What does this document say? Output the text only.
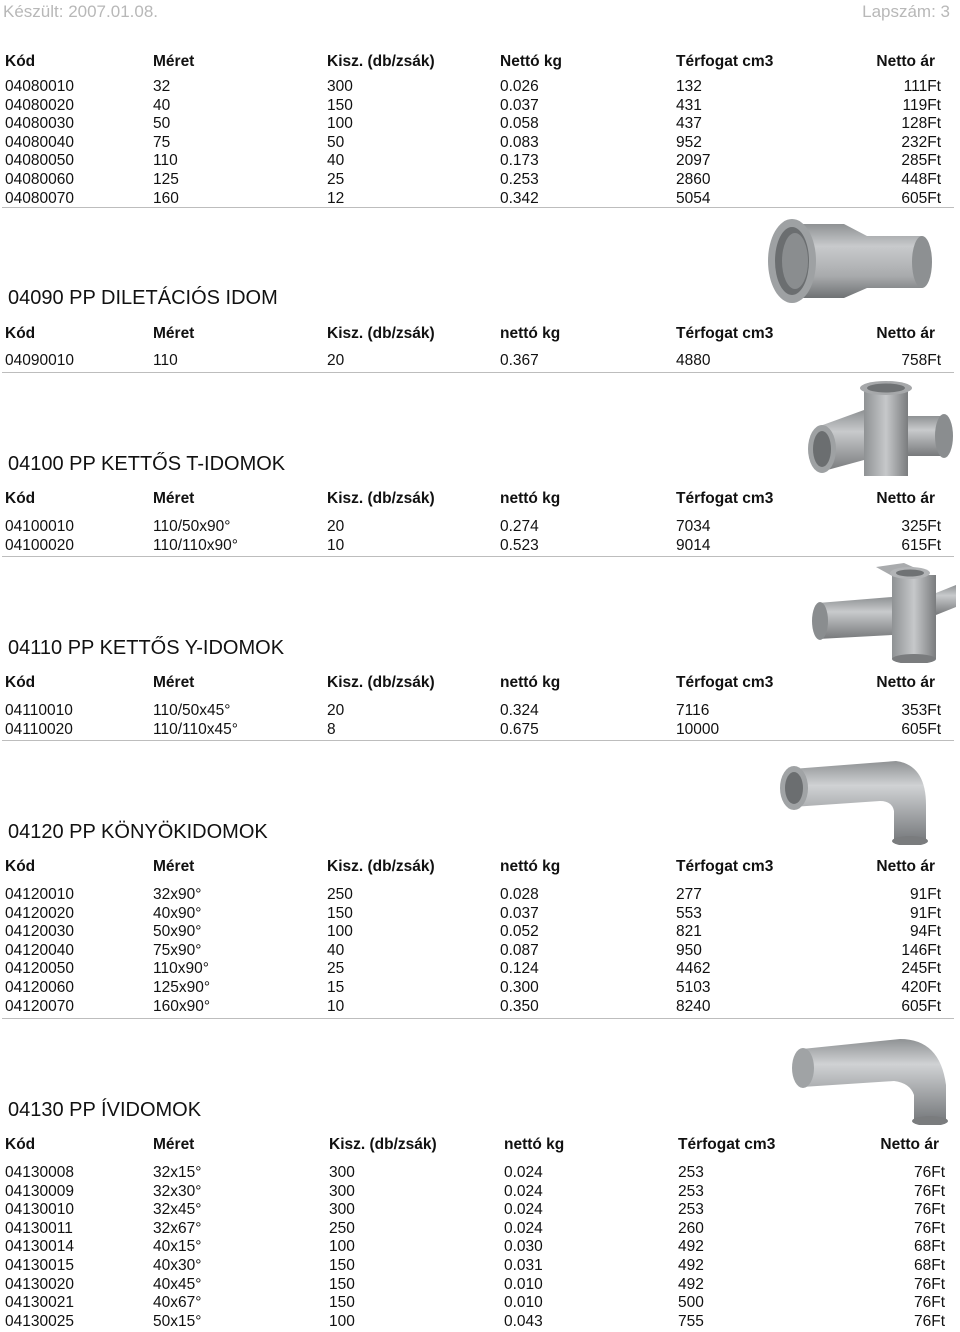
Készült: 2007.01.08.	Lapszám: 3
Kód	Méret	Kisz. (db/zsák)	Nettó kg	Térfogat cm3	Netto ár
04080010	32	300	0.026	132	111Ft
04080020	40	150	0.037	431	119Ft
04080030	50	100	0.058	437	128Ft
04080040	75	50	0.083	952	232Ft
04080050	110	40	0.173	2097	285Ft
04080060	125	25	0.253	2860	448Ft
04080070	160	12	0.342	5054	605Ft
04090 PP DILETÁCIÓS IDOM
Kód	Méret	Kisz. (db/zsák)	nettó kg	Térfogat cm3	Netto ár
04090010	110	20	0.367	4880	758Ft
04100 PP KETTŐS T-IDOMOK
Kód	Méret	Kisz. (db/zsák)	nettó kg	Térfogat cm3	Netto ár
04100010	110/50x90°	20	0.274	7034	325Ft
04100020	110/110x90°	10	0.523	9014	615Ft
04110 PP KETTŐS Y-IDOMOK
Kód	Méret	Kisz. (db/zsák)	nettó kg	Térfogat cm3	Netto ár
04110010	110/50x45°	20	0.324	7116	353Ft
04110020	110/110x45°	8	0.675	10000	605Ft
04120 PP KÖNYÖKIDOMOK
Kód	Méret	Kisz. (db/zsák)	nettó kg	Térfogat cm3	Netto ár
04120010	32x90°	250	0.028	277	91Ft
04120020	40x90°	150	0.037	553	91Ft
04120030	50x90°	100	0.052	821	94Ft
04120040	75x90°	40	0.087	950	146Ft
04120050	110x90°	25	0.124	4462	245Ft
04120060	125x90°	15	0.300	5103	420Ft
04120070	160x90°	10	0.350	8240	605Ft
04130 PP ÍVIDOMOK
Kód	Méret	Kisz. (db/zsák)	nettó kg	Térfogat cm3	Netto ár
04130008	32x15°	300	0.024	253	76Ft
04130009	32x30°	300	0.024	253	76Ft
04130010	32x45°	300	0.024	253	76Ft
04130011	32x67°	250	0.024	260	76Ft
04130014	40x15°	100	0.030	492	68Ft
04130015	40x30°	150	0.031	492	68Ft
04130020	40x45°	150	0.010	492	76Ft
04130021	40x67°	150	0.010	500	76Ft
04130025	50x15°	100	0.043	755	76Ft
